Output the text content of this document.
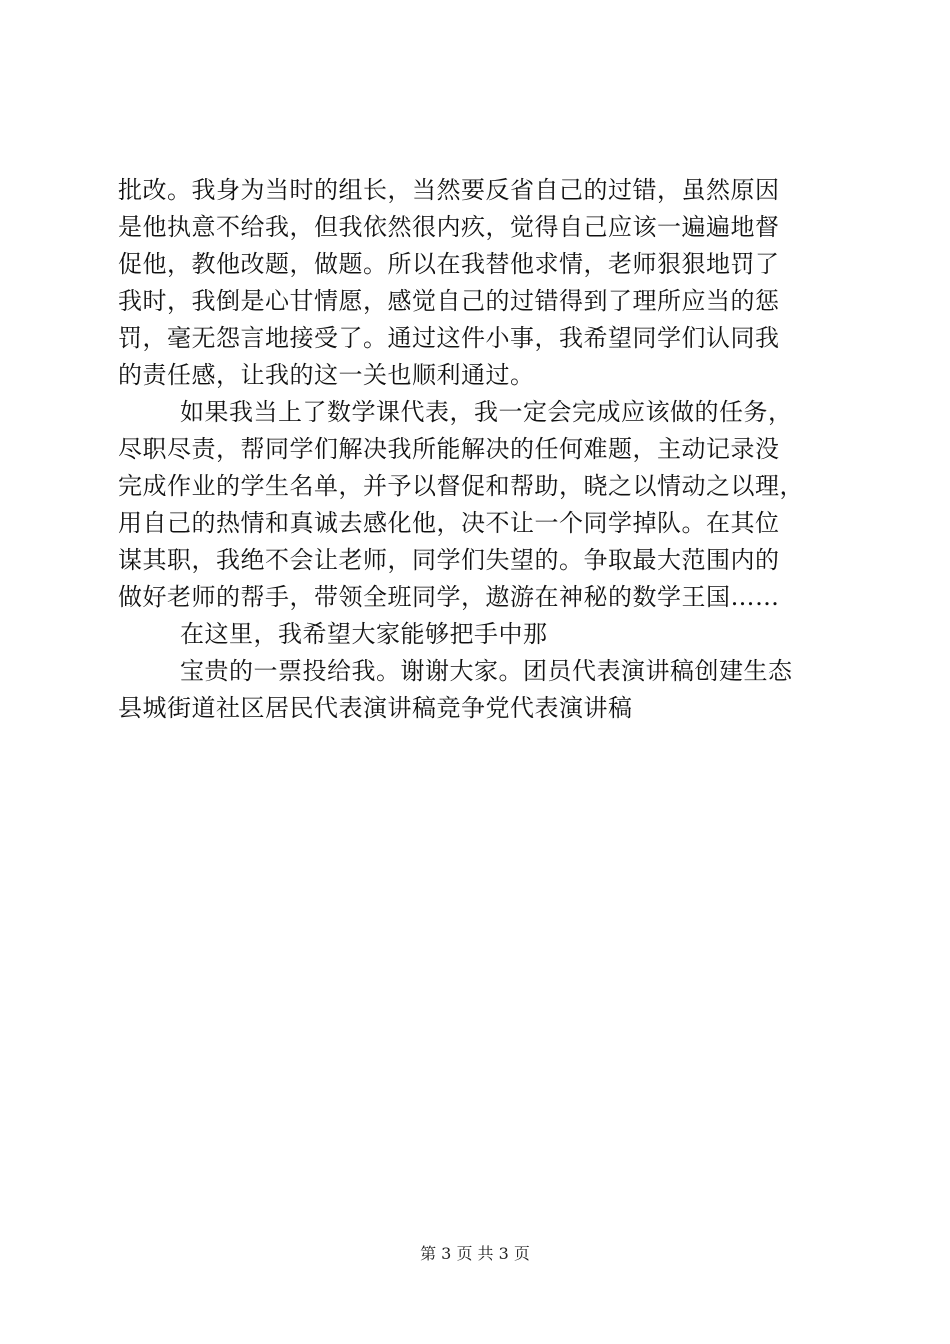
批改。我身为当时的组长，当然要反省自己的过错，虽然原因
是他执意不给我，但我依然很内疚，觉得自己应该一遍遍地督
促他，教他改题，做题。所以在我替他求情，老师狠狠地罚了
我时，我倒是心甘情愿，感觉自己的过错得到了理所应当的惩
罚，毫无怨言地接受了。通过这件小事，我希望同学们认同我
的责任感，让我的这一关也顺利通过。
如果我当上了数学课代表，我一定会完成应该做的任务，
尽职尽责，帮同学们解决我所能解决的任何难题，主动记录没
完成作业的学生名单，并予以督促和帮助，晓之以情动之以理，
用自己的热情和真诚去感化他，决不让一个同学掉队。在其位
谋其职，我绝不会让老师，同学们失望的。争取最大范围内的
做好老师的帮手，带领全班同学，遨游在神秘的数学王国……
在这里，我希望大家能够把手中那
宝贵的一票投给我。谢谢大家。团员代表演讲稿创建生态
县城街道社区居民代表演讲稿竞争党代表演讲稿
第 3 页 共 3 页
